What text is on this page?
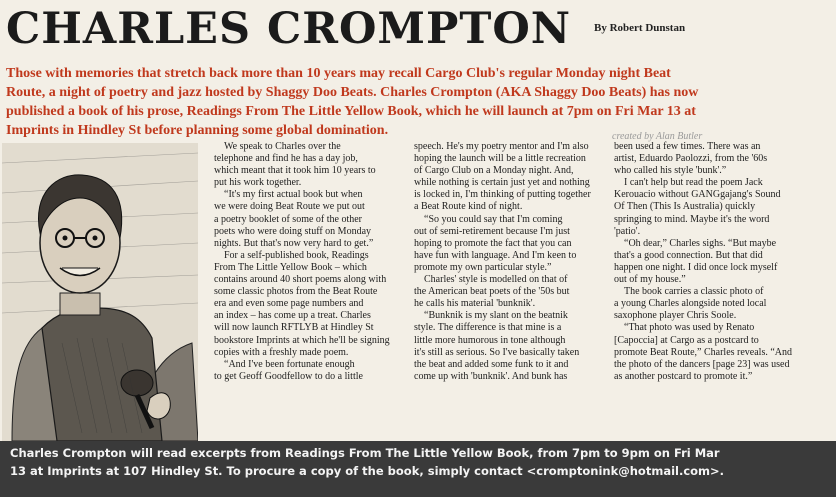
CHARLES CROMPTON	By Robert Dunstan

Those with memories that stretch back more than 10 years may recall Cargo Club's regular Monday night Beat

Route, a night of poetry and jazz hosted by Shaggy Doo Beats. Charles Crompton (AKA Shaggy Doo Beats) has now

published a book of his prose, Readings From The Little Yellow Book, which he will launch at 7pm on Fri Mar 13 at

Imprints in Hindley St before planning some global domination.	created by Alan Butler

We speak to Charles over the

telephone and find he has a day job,

which meant that it took him 10 years to

put his work together.

“It's my first actual book but when

we were doing Beat Route we put out

a poetry booklet of some of the other

poets who were doing stuff on Monday

nights. But that's now very hard to get.”

For a self-published book, Readings

From The Little Yellow Book – which

contains around 40 short poems along with

some classic photos from the Beat Route

era and even some page numbers and

an index – has come up a treat. Charles

will now launch RFTLYB at Hindley St

bookstore Imprints at which he'll be signing

copies with a freshly made poem.

“And I've been fortunate enough

to get Geoff Goodfellow to do a little

speech. He's my poetry mentor and I'm also

hoping the launch will be a little recreation

of Cargo Club on a Monday night. And,

while nothing is certain just yet and nothing

is locked in, I'm thinking of putting together

a Beat Route kind of night.

“So you could say that I'm coming

out of semi-retirement because I'm just

hoping to promote the fact that you can

have fun with language. And I'm keen to

promote my own particular style.”

Charles' style is modelled on that of

the American beat poets of the '50s but

he calls his material 'bunknik'.

“Bunknik is my slant on the beatnik

style. The difference is that mine is a

little more humorous in tone although

it's still as serious. So I've basically taken

the beat and added some funk to it and

come up with 'bunknik'. And bunk has

been used a few times. There was an

artist, Eduardo Paolozzi, from the '60s

who called his style 'bunk'.”

I can't help but read the poem Jack

Kerouacio without GANGgajang's Sound

Of Then (This Is Australia) quickly

springing to mind. Maybe it's the word

'patio'.

“Oh dear,” Charles sighs. “But maybe

that's a good connection. But that did

happen one night. I did once lock myself

out of my house.”

The book carries a classic photo of

a young Charles alongside noted local

saxophone player Chris Soole.

“That photo was used by Renato

[Capoccia] at Cargo as a postcard to

promote Beat Route,” Charles reveals. “And

the photo of the dancers [page 23] was used

as another postcard to promote it.”

Charles Crompton will read excerpts from Readings From The Little Yellow Book, from 7pm to 9pm on Fri Mar

13 at Imprints at 107 Hindley St. To procure a copy of the book, simply contact <cromptonink@hotmail.com>.
